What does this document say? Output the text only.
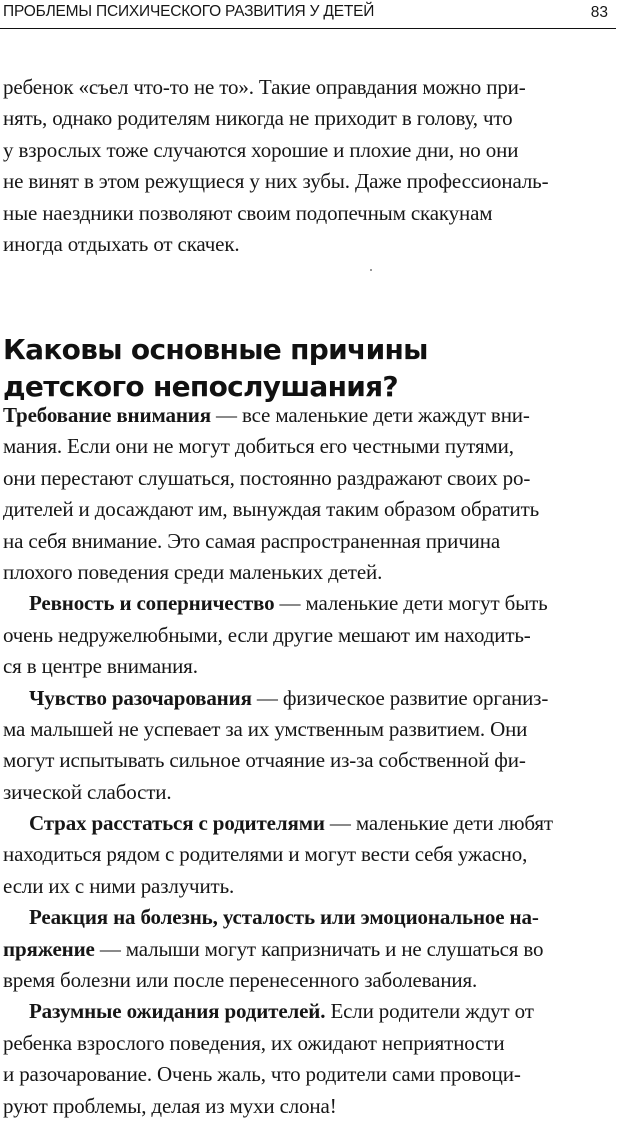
ПРОБЛЕМЫ ПСИХИЧЕСКОГО РАЗВИТИЯ У ДЕТЕЙ	83
ребенок «съел что-то не то». Такие оправдания можно при-
нять, однако родителям никогда не приходит в голову, что
у взрослых тоже случаются хорошие и плохие дни, но они
не винят в этом режущиеся у них зубы. Даже профессиональ-
ные наездники позволяют своим подопечным скакунам
иногда отдыхать от скачек.
Каковы основные причины
детского непослушания?
Требование внимания — все маленькие дети жаждут вни-
мания. Если они не могут добиться его честными путями,
они перестают слушаться, постоянно раздражают своих ро-
дителей и досаждают им, вынуждая таким образом обратить
на себя внимание. Это самая распространенная причина
плохого поведения среди маленьких детей.
Ревность и соперничество — маленькие дети могут быть
очень недружелюбными, если другие мешают им находить-
ся в центре внимания.
Чувство разочарования — физическое развитие организ-
ма малышей не успевает за их умственным развитием. Они
могут испытывать сильное отчаяние из-за собственной фи-
зической слабости.
Страх расстаться с родителями — маленькие дети любят
находиться рядом с родителями и могут вести себя ужасно,
если их с ними разлучить.
Реакция на болезнь, усталость или эмоциональное на-
пряжение — малыши могут капризничать и не слушаться во
время болезни или после перенесенного заболевания.
Разумные ожидания родителей. Если родители ждут от
ребенка взрослого поведения, их ожидают неприятности
и разочарование. Очень жаль, что родители сами провоци-
руют проблемы, делая из мухи слона!
